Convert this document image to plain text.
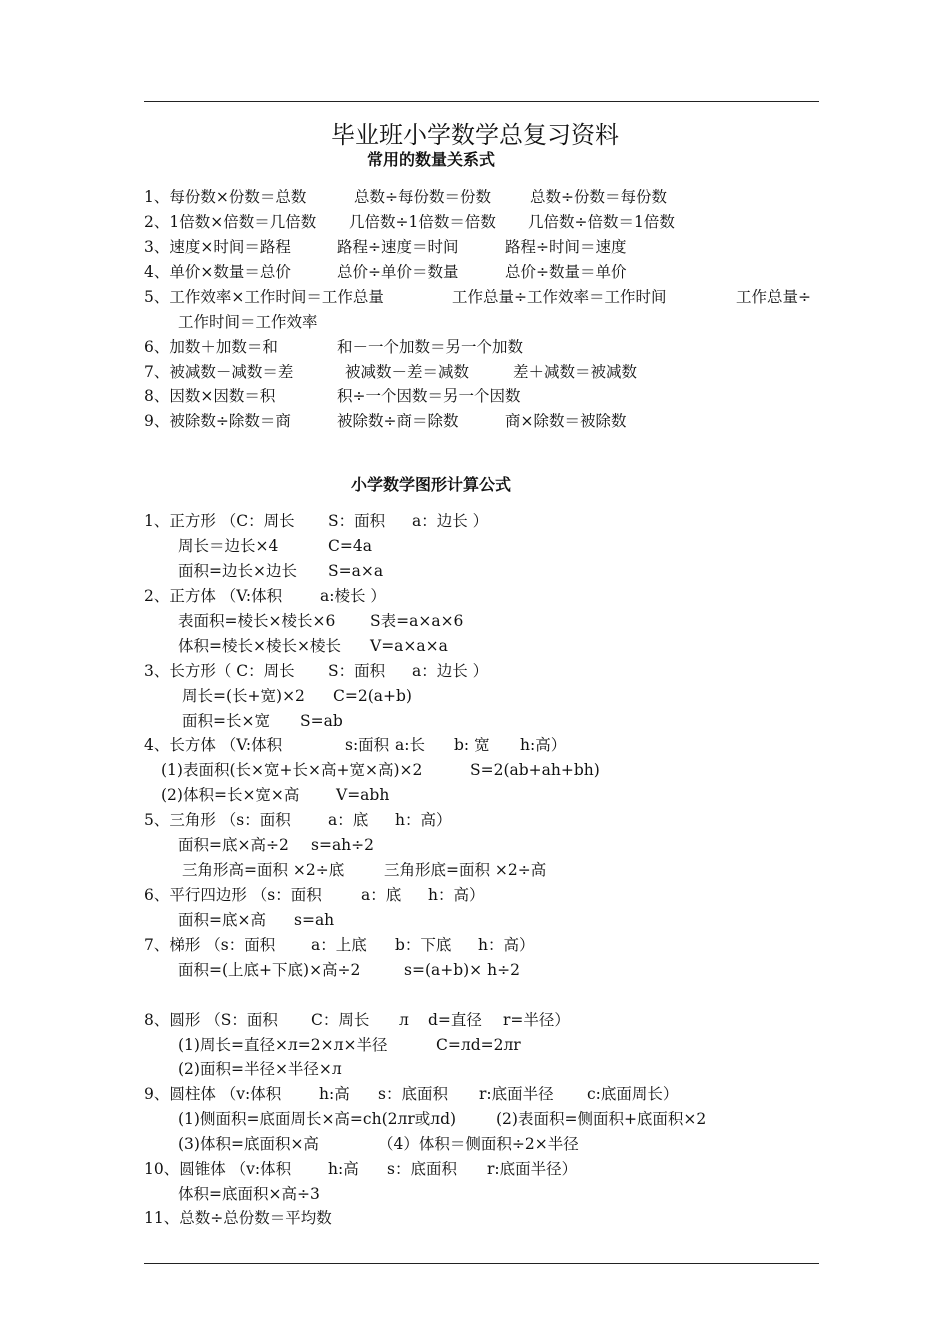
毕业班小学数学总复习资料
常用的数量关系式
1、每份数×份数＝总数	总数÷每份数＝份数	总数÷份数＝每份数
2、1倍数×倍数＝几倍数 几倍数÷1倍数＝倍数 几倍数÷倍数＝1倍数
3、速度×时间＝路程	路程÷速度＝时间	路程÷时间＝速度
4、单价×数量＝总价	总价÷单价＝数量	总价÷数量＝单价
5、工作效率×工作时间＝工作总量	工作总量÷工作效率＝工作时间	工作总量÷
工作时间＝工作效率
6、加数＋加数＝和	和－一个加数＝另一个加数
7、被减数－减数＝差	被减数－差＝减数	差＋减数＝被减数
8、因数×因数＝积	积÷一个因数＝另一个因数
9、被除数÷除数＝商	被除数÷商＝除数	商×除数＝被除数
小学数学图形计算公式
1、正方形 （C：周长 S：面积 a：边长 ）
周长＝边长×4	C=4a
面积=边长×边长 S=a×a
2、正方体 （V:体积 a:棱长 ）
表面积=棱长×棱长×6 S表=a×a×6
体积=棱长×棱长×棱长 V=a×a×a
3、长方形（ C：周长 S：面积 a：边长 ）
周长=(长+宽)×2 C=2(a+b)
面积=长×宽 S=ab
4、长方体 （V:体积	s:面积 a:长 b: 宽 h:高）
(1)表面积(长×宽+长×高+宽×高)×2	S=2(ab+ah+bh)
(2)体积=长×宽×高 V=abh
5、三角形 （s：面积 a：底 h：高）
面积=底×高÷2 s=ah÷2
三角形高=面积 ×2÷底	三角形底=面积 ×2÷高
6、平行四边形 （s：面积	a：底 h：高）
面积=底×高 s=ah
7、梯形 （s：面积 a：上底 b：下底 h：高）
面积=(上底+下底)×高÷2	s=(a+b)× h÷2
8、圆形 （S：面积 C：周长 л d=直径 r=半径）
(1)周长=直径×л=2×л×半径	C=лd=2лr
(2)面积=半径×半径×л
9、圆柱体 （v:体积 h:高 s：底面积 r:底面半径 c:底面周长）
(1)侧面积=底面周长×高=ch(2лr或лd)	(2)表面积=侧面积+底面积×2
(3)体积=底面积×高	（4）体积＝侧面积÷2×半径
10、圆锥体 （v:体积 h:高 s：底面积 r:底面半径）
体积=底面积×高÷3
11、总数÷总份数＝平均数
